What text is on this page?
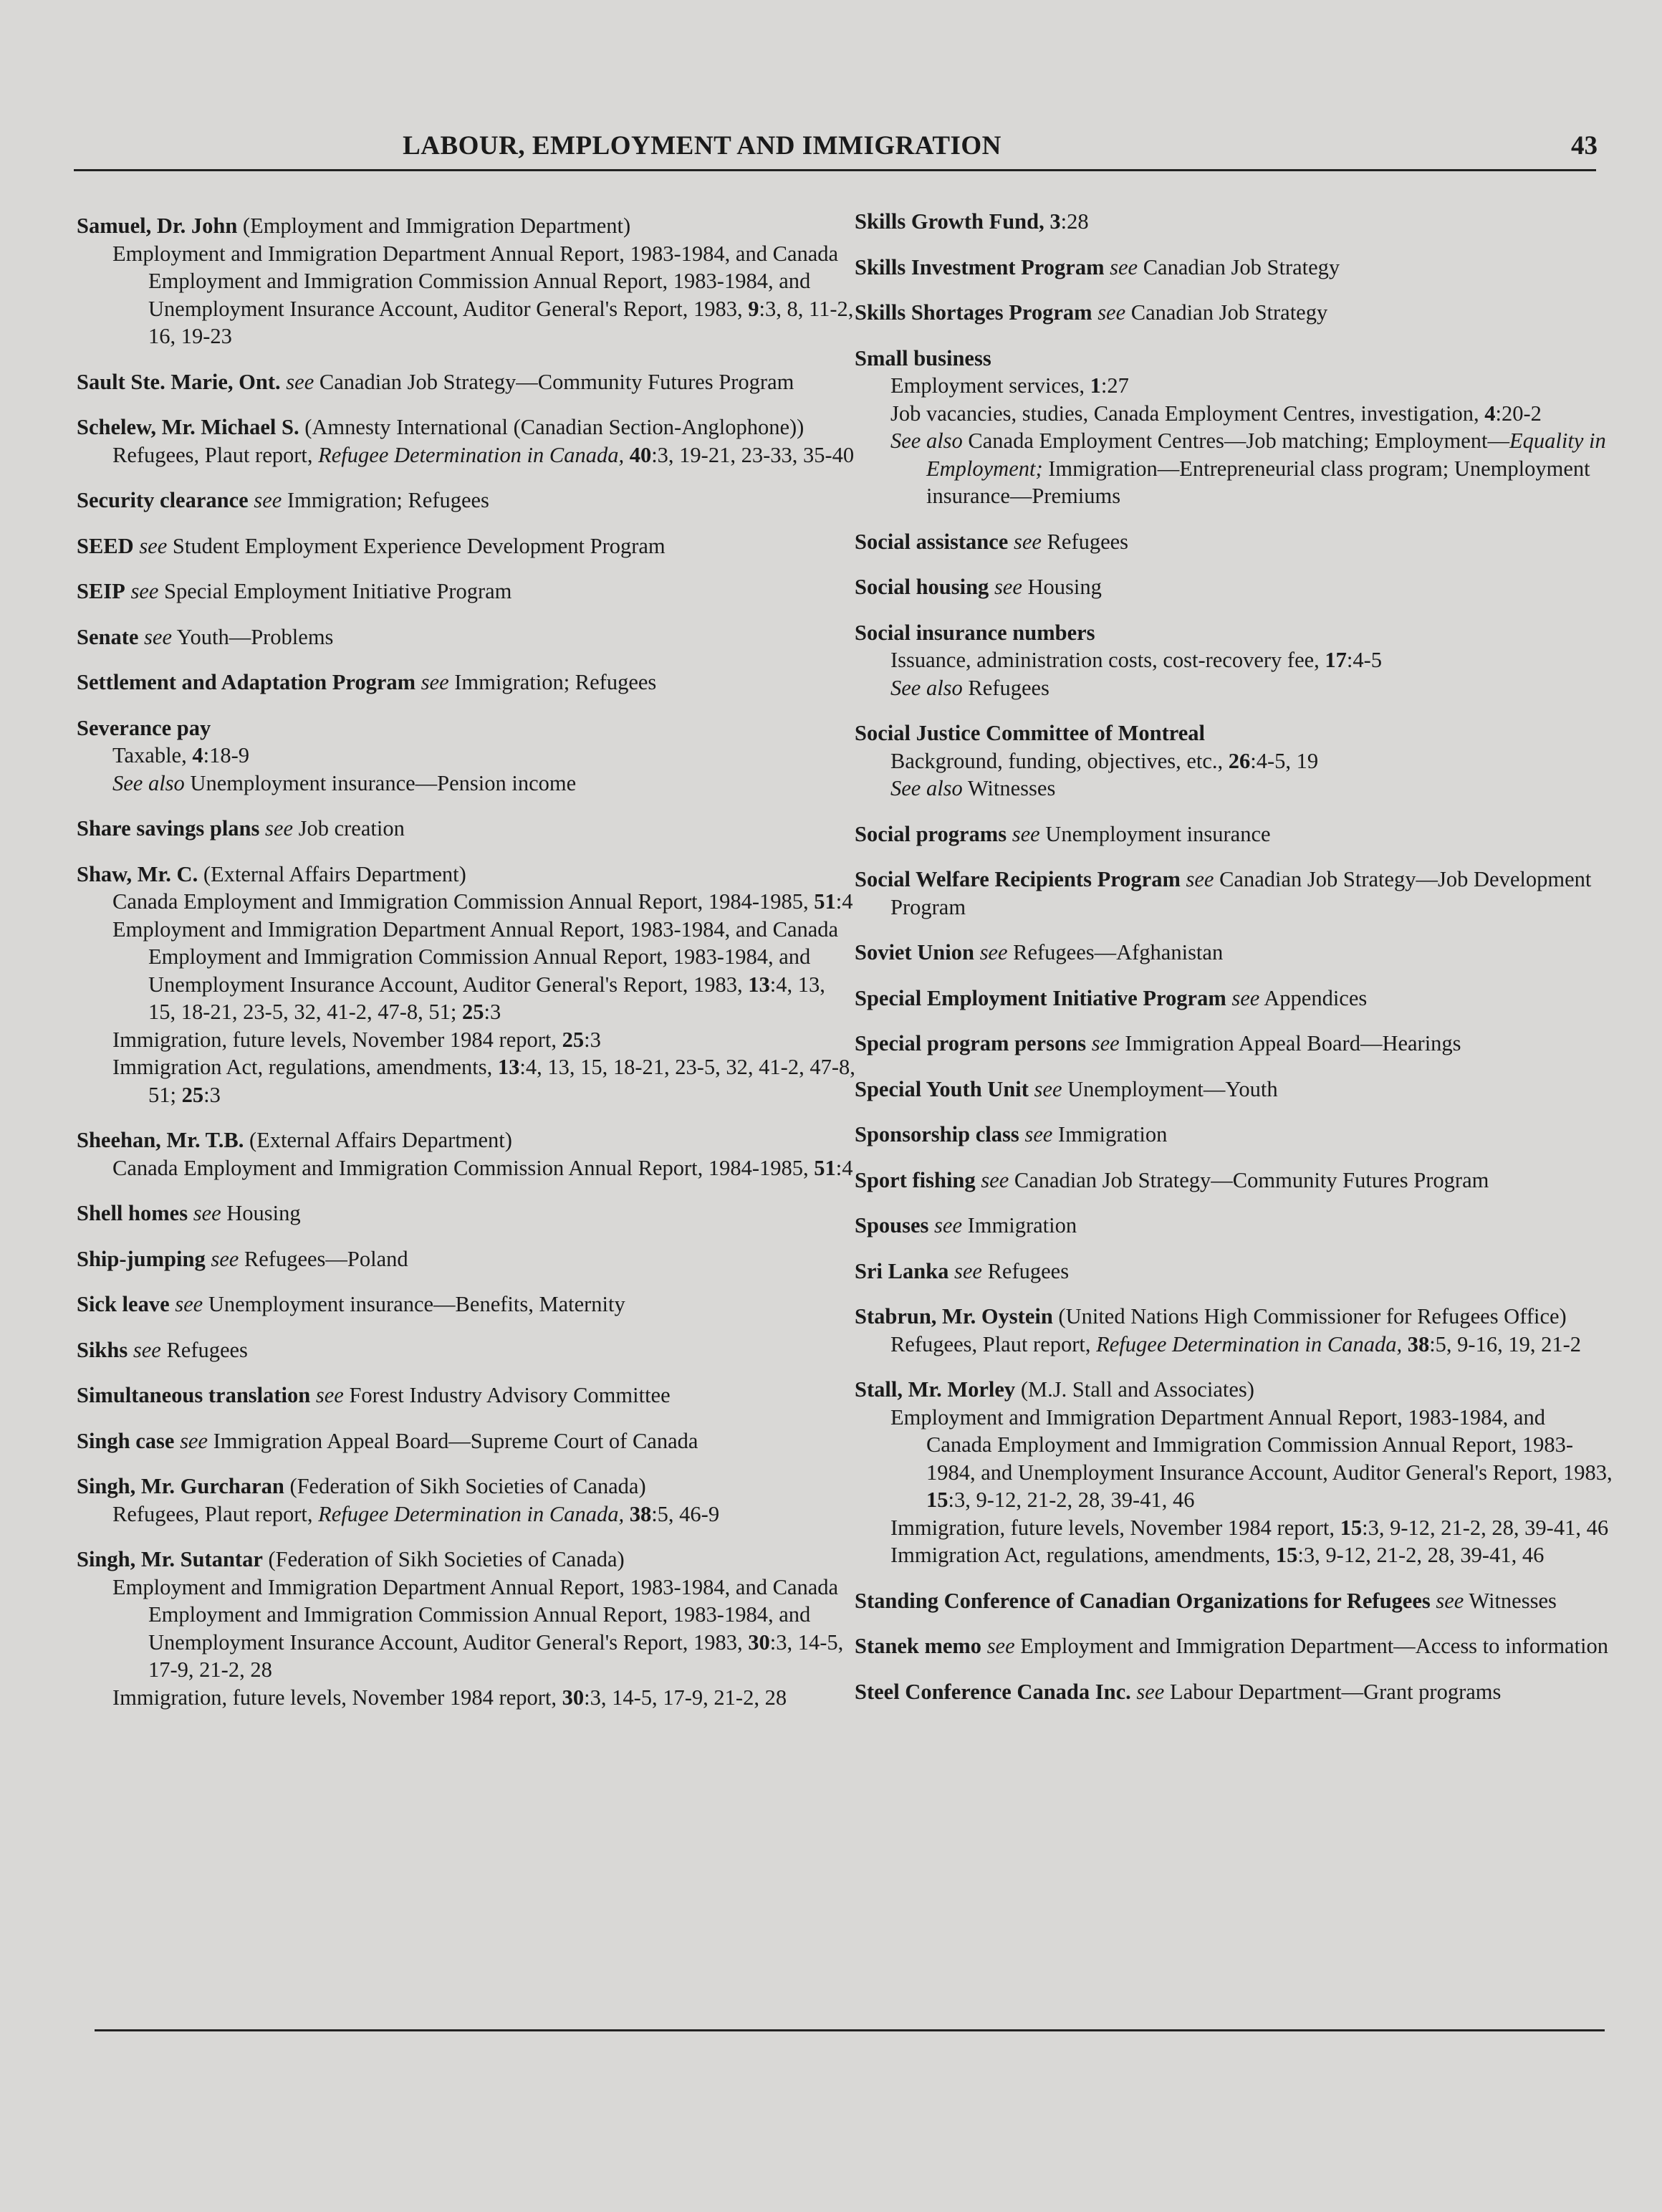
LABOUR, EMPLOYMENT AND IMMIGRATION	43
Samuel, Dr. John (Employment and Immigration Department)
Employment and Immigration Department Annual Report, 1983-1984, and Canada Employment and Immigration Commission Annual Report, 1983-1984, and Unemployment Insurance Account, Auditor General's Report, 1983, 9:3, 8, 11-2, 16, 19-23
Sault Ste. Marie, Ont. see Canadian Job Strategy—Community Futures Program
Schelew, Mr. Michael S. (Amnesty International (Canadian Section-Anglophone))
Refugees, Plaut report, Refugee Determination in Canada, 40:3, 19-21, 23-33, 35-40
Security clearance see Immigration; Refugees
SEED see Student Employment Experience Development Program
SEIP see Special Employment Initiative Program
Senate see Youth—Problems
Settlement and Adaptation Program see Immigration; Refugees
Severance pay
Taxable, 4:18-9
See also Unemployment insurance—Pension income
Share savings plans see Job creation
Shaw, Mr. C. (External Affairs Department)
Canada Employment and Immigration Commission Annual Report, 1984-1985, 51:4
Employment and Immigration Department Annual Report, 1983-1984, and Canada Employment and Immigration Commission Annual Report, 1983-1984, and Unemployment Insurance Account, Auditor General's Report, 1983, 13:4, 13, 15, 18-21, 23-5, 32, 41-2, 47-8, 51; 25:3
Immigration, future levels, November 1984 report, 25:3
Immigration Act, regulations, amendments, 13:4, 13, 15, 18-21, 23-5, 32, 41-2, 47-8, 51; 25:3
Sheehan, Mr. T.B. (External Affairs Department)
Canada Employment and Immigration Commission Annual Report, 1984-1985, 51:4
Shell homes see Housing
Ship-jumping see Refugees—Poland
Sick leave see Unemployment insurance—Benefits, Maternity
Sikhs see Refugees
Simultaneous translation see Forest Industry Advisory Committee
Singh case see Immigration Appeal Board—Supreme Court of Canada
Singh, Mr. Gurcharan (Federation of Sikh Societies of Canada)
Refugees, Plaut report, Refugee Determination in Canada, 38:5, 46-9
Singh, Mr. Sutantar (Federation of Sikh Societies of Canada)
Employment and Immigration Department Annual Report, 1983-1984, and Canada Employment and Immigration Commission Annual Report, 1983-1984, and Unemployment Insurance Account, Auditor General's Report, 1983, 30:3, 14-5, 17-9, 21-2, 28
Immigration, future levels, November 1984 report, 30:3, 14-5, 17-9, 21-2, 28
Skills Growth Fund, 3:28
Skills Investment Program see Canadian Job Strategy
Skills Shortages Program see Canadian Job Strategy
Small business
Employment services, 1:27
Job vacancies, studies, Canada Employment Centres, investigation, 4:20-2
See also Canada Employment Centres—Job matching; Employment—Equality in Employment; Immigration—Entrepreneurial class program; Unemployment insurance—Premiums
Social assistance see Refugees
Social housing see Housing
Social insurance numbers
Issuance, administration costs, cost-recovery fee, 17:4-5
See also Refugees
Social Justice Committee of Montreal
Background, funding, objectives, etc., 26:4-5, 19
See also Witnesses
Social programs see Unemployment insurance
Social Welfare Recipients Program see Canadian Job Strategy—Job Development Program
Soviet Union see Refugees—Afghanistan
Special Employment Initiative Program see Appendices
Special program persons see Immigration Appeal Board—Hearings
Special Youth Unit see Unemployment—Youth
Sponsorship class see Immigration
Sport fishing see Canadian Job Strategy—Community Futures Program
Spouses see Immigration
Sri Lanka see Refugees
Stabrun, Mr. Oystein (United Nations High Commissioner for Refugees Office)
Refugees, Plaut report, Refugee Determination in Canada, 38:5, 9-16, 19, 21-2
Stall, Mr. Morley (M.J. Stall and Associates)
Employment and Immigration Department Annual Report, 1983-1984, and Canada Employment and Immigration Commission Annual Report, 1983-1984, and Unemployment Insurance Account, Auditor General's Report, 1983, 15:3, 9-12, 21-2, 28, 39-41, 46
Immigration, future levels, November 1984 report, 15:3, 9-12, 21-2, 28, 39-41, 46
Immigration Act, regulations, amendments, 15:3, 9-12, 21-2, 28, 39-41, 46
Standing Conference of Canadian Organizations for Refugees see Witnesses
Stanek memo see Employment and Immigration Department—Access to information
Steel Conference Canada Inc. see Labour Department—Grant programs
